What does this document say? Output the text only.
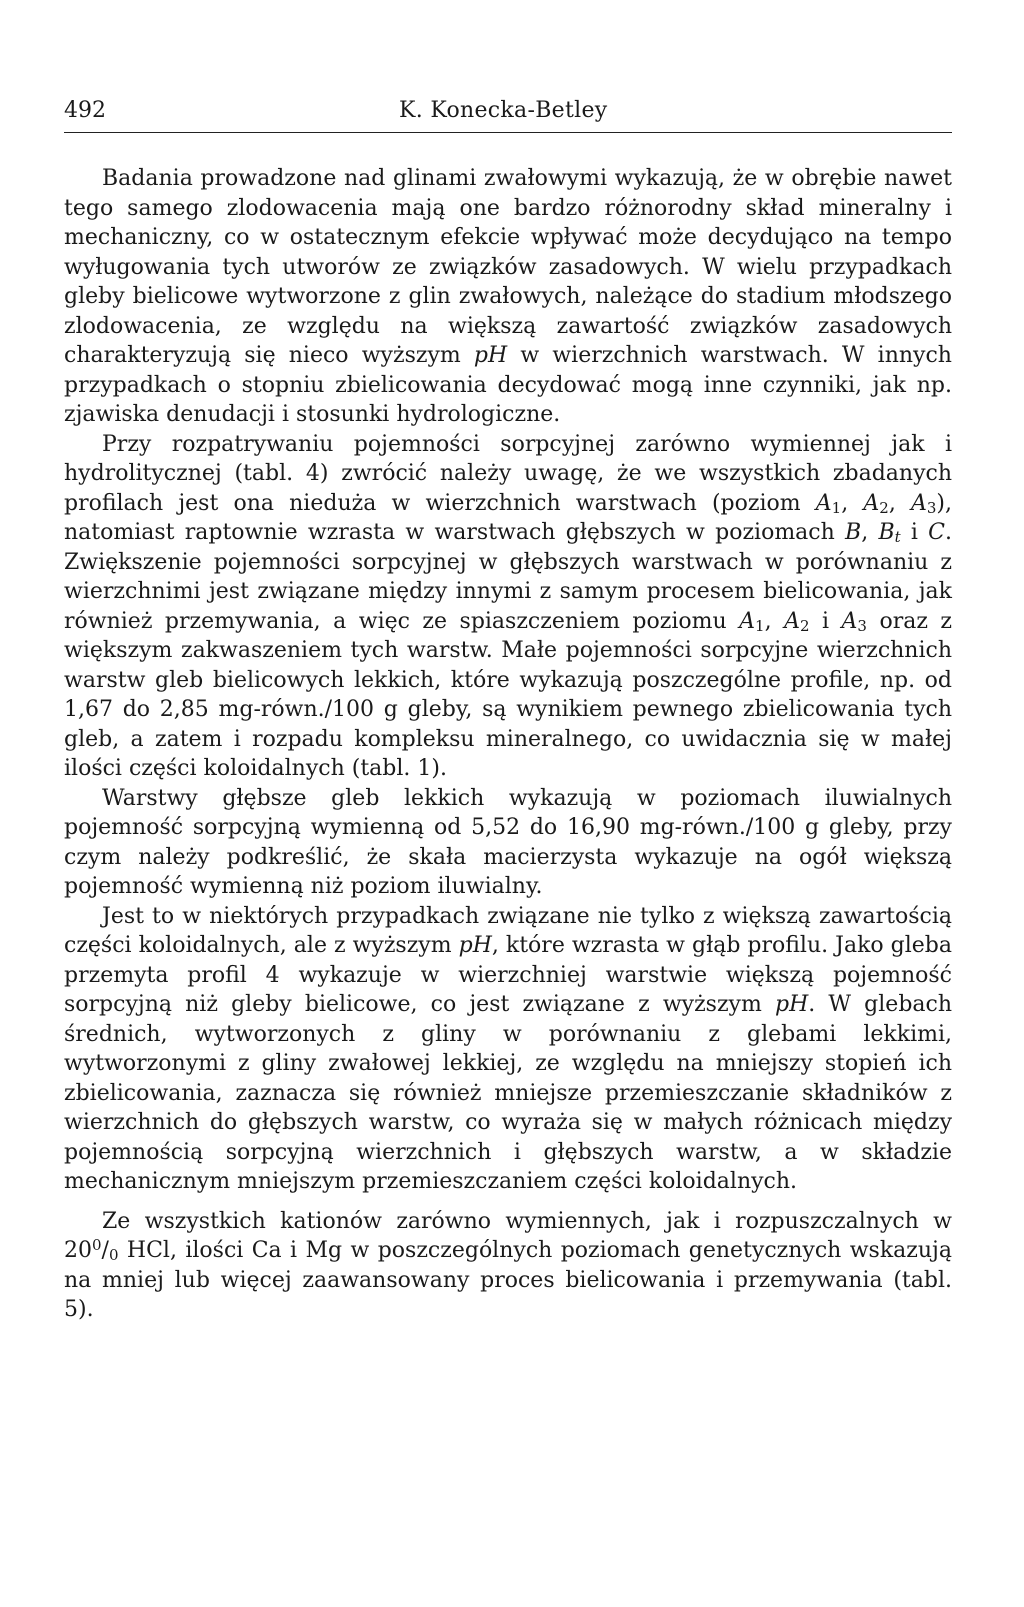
492	K. Konecka-Betley

Badania prowadzone nad glinami zwałowymi wykazują, że w obrębie nawet tego samego zlodowacenia mają one bardzo różnorodny skład mineralny i mechaniczny, co w ostatecznym efekcie wpływać może decydująco na tempo wyługowania tych utworów ze związków zasadowych. W wielu przypadkach gleby bielicowe wytworzone z glin zwałowych, należące do stadium młodszego zlodowacenia, ze względu na większą zawartość związków zasadowych charakteryzują się nieco wyższym pH w wierzchnich warstwach. W innych przypadkach o stopniu zbielicowania decydować mogą inne czynniki, jak np. zjawiska denudacji i stosunki hydrologiczne.

Przy rozpatrywaniu pojemności sorpcyjnej zarówno wymiennej jak i hydrolitycznej (tabl. 4) zwrócić należy uwagę, że we wszystkich zbadanych profilach jest ona nieduża w wierzchnich warstwach (poziom $A_1$, $A_2$, $A_3$), natomiast raptownie wzrasta w warstwach głębszych w poziomach B, $B_t$ i C. Zwiększenie pojemności sorpcyjnej w głębszych warstwach w porównaniu z wierzchnimi jest związane między innymi z samym procesem bielicowania, jak również przemywania, a więc ze spiaszczeniem poziomu $A_1$, $A_2$ i $A_3$ oraz z większym zakwaszeniem tych warstw. Małe pojemności sorpcyjne wierzchnich warstw gleb bielicowych lekkich, które wykazują poszczególne profile, np. od 1,67 do 2,85 mg-równ./100 g gleby, są wynikiem pewnego zbielicowania tych gleb, a zatem i rozpadu kompleksu mineralnego, co uwidacznia się w małej ilości części koloidalnych (tabl. 1).

Warstwy głębsze gleb lekkich wykazują w poziomach iluwialnych pojemność sorpcyjną wymienną od 5,52 do 16,90 mg-równ./100 g gleby, przy czym należy podkreślić, że skała macierzysta wykazuje na ogół większą pojemność wymienną niż poziom iluwialny.

Jest to w niektórych przypadkach związane nie tylko z większą zawartością części koloidalnych, ale z wyższym pH, które wzrasta w głąb profilu. Jako gleba przemyta profil 4 wykazuje w wierzchniej warstwie większą pojemność sorpcyjną niż gleby bielicowe, co jest związane z wyższym pH. W glebach średnich, wytworzonych z gliny w porównaniu z glebami lekkimi, wytworzonymi z gliny zwałowej lekkiej, ze względu na mniejszy stopień ich zbielicowania, zaznacza się również mniejsze przemieszczanie składników z wierzchnich do głębszych warstw, co wyraża się w małych różnicach między pojemnością sorpcyjną wierzchnich i głębszych warstw, a w składzie mechanicznym mniejszym przemieszczaniem części koloidalnych.

Ze wszystkich kationów zarówno wymiennych, jak i rozpuszczalnych w $20^0/_0$ HCl, ilości Ca i Mg w poszczególnych poziomach genetycznych wskazują na mniej lub więcej zaawansowany proces bielicowania i przemywania (tabl. 5).
